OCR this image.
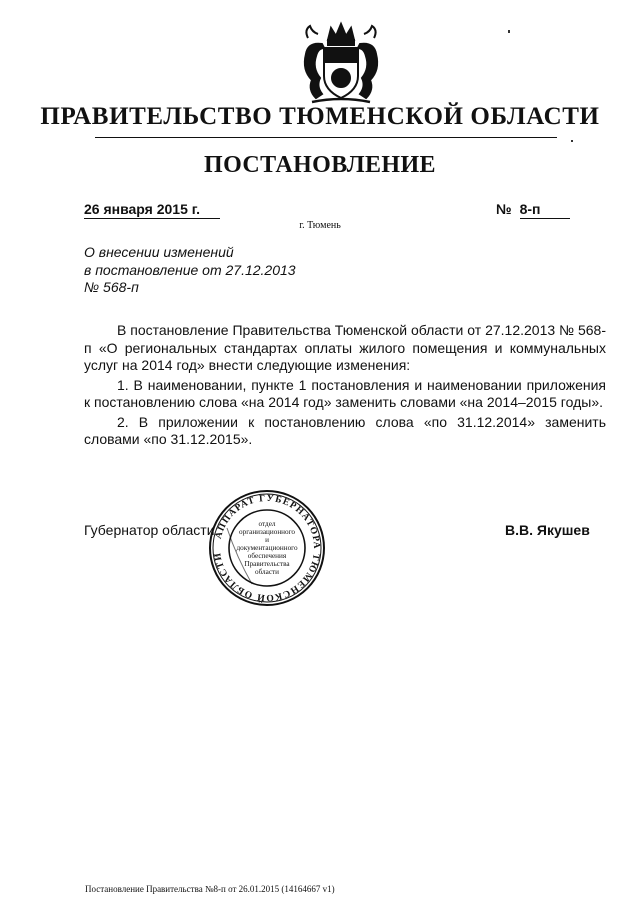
ПРАВИТЕЛЬСТВО ТЮМЕНСКОЙ ОБЛАСТИ
ПОСТАНОВЛЕНИЕ
26 января 2015 г.	№ 8-п
г. Тюмень
О внесении изменений
в постановление от 27.12.2013
№ 568-п

В постановление Правительства Тюменской области от 27.12.2013 № 568-п «О региональных стандартах оплаты жилого помещения и коммунальных услуг на 2014 год» внести следующие изменения:

1. В наименовании, пункте 1 постановления и наименовании приложения к постановлению слова «на 2014 год» заменить словами «на 2014–2015 годы».

2. В приложении к постановлению слова «по 31.12.2014» заменить словами «по 31.12.2015».

Губернатор области	В.В. Якушев
АППАРАТ ГУБЕРНАТОРА ТЮМЕНСКОЙ ОБЛАСТИ
отдел
организационного
и
документационного
обеспечения
Правительства
области
Постановление Правительства №8-п от 26.01.2015 (14164667 v1)
